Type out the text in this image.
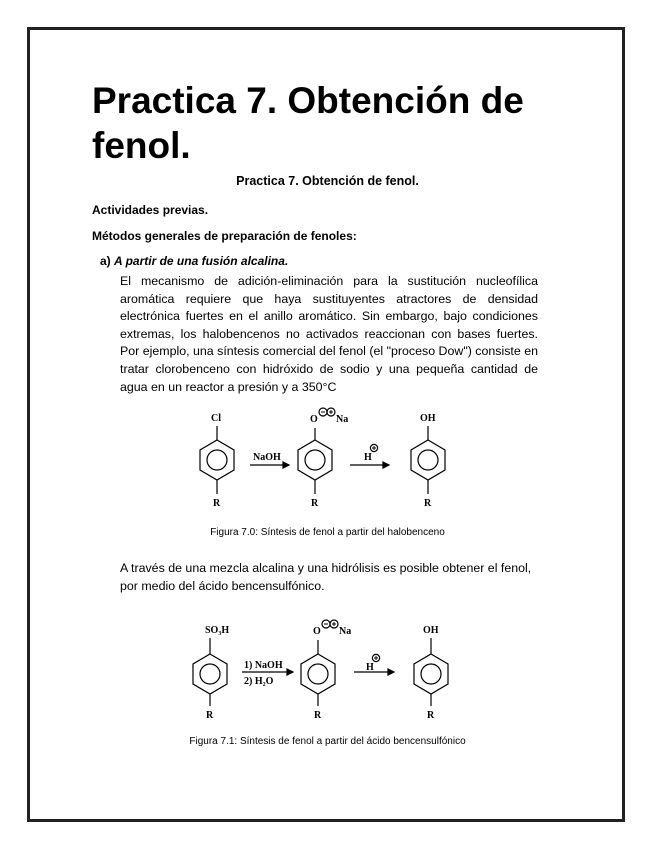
Practica 7. Obtención de fenol.
Practica 7. Obtención de fenol.
Actividades previas.
Métodos generales de preparación de fenoles:
a) A partir de una fusión alcalina.

El mecanismo de adición-eliminación para la sustitución nucleofílica aromática requiere que haya sustituyentes atractores de densidad electrónica fuertes en el anillo aromático. Sin embargo, bajo condiciones extremas, los halobencenos no activados reaccionan con bases fuertes. Por ejemplo, una síntesis comercial del fenol (el "proceso Dow") consiste en tratar clorobenceno con hidróxido de sodio y una pequeña cantidad de agua en un reactor a presión y a 350°C

Cl
NaOH
O Na
H
OH
R	R	R
Figura 7.0: Síntesis de fenol a partir del halobenceno

A través de una mezcla alcalina y una hidrólisis es posible obtener el fenol, por medio del ácido bencensulfónico.

SO₃H
1) NaOH
2) H₂O
O Na
H
OH
R	R	R
Figura 7.1: Síntesis de fenol a partir del ácido bencensulfónico
